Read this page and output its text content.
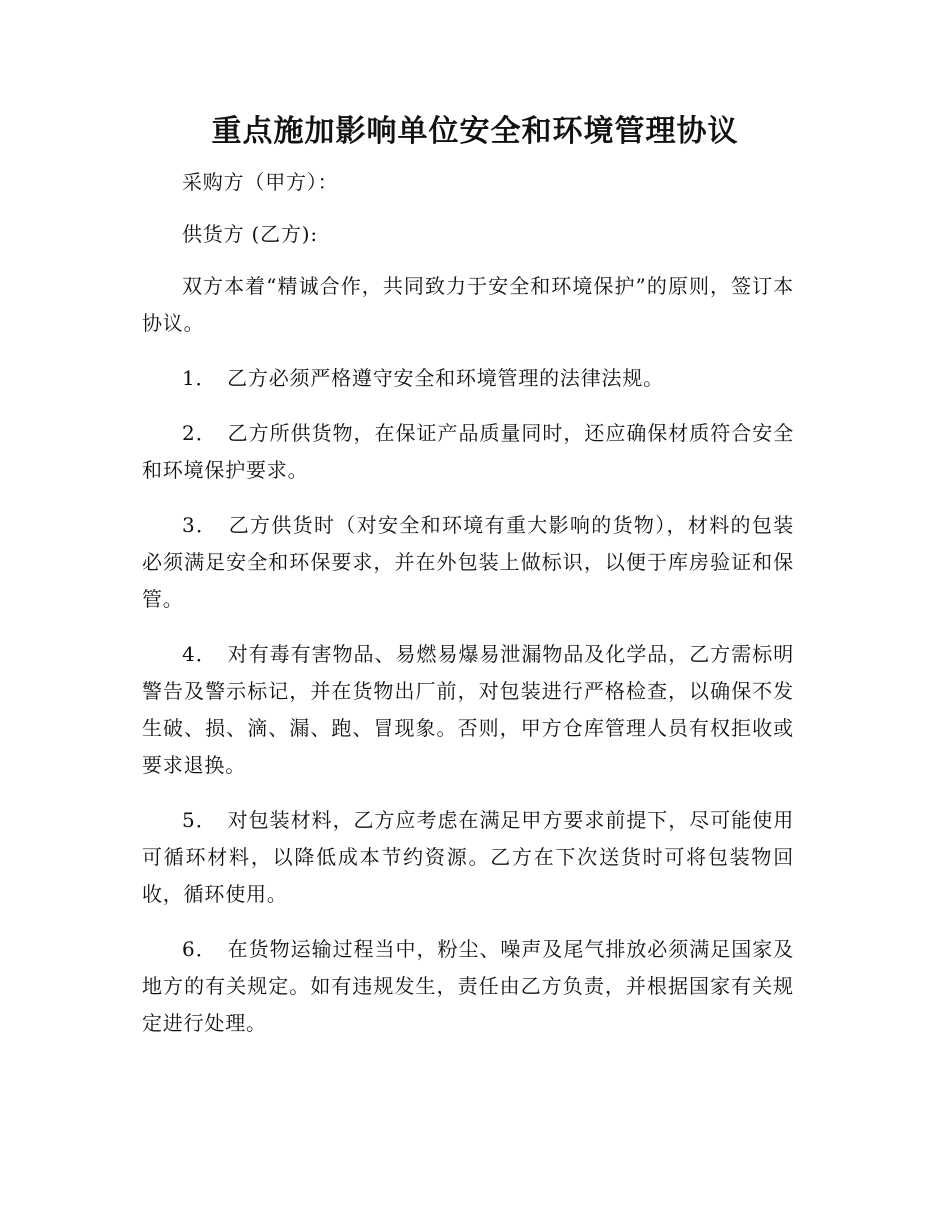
重点施加影响单位安全和环境管理协议

采购方（甲方）：

供货方 (乙方):

双方本着“精诚合作，共同致力于安全和环境保护”的原则，签订本协议。

1．　乙方必须严格遵守安全和环境管理的法律法规。

2．　乙方所供货物，在保证产品质量同时，还应确保材质符合安全和环境保护要求。

3．　乙方供货时（对安全和环境有重大影响的货物），材料的包装必须满足安全和环保要求，并在外包装上做标识，以便于库房验证和保管。

4．　对有毒有害物品、易燃易爆易泄漏物品及化学品，乙方需标明警告及警示标记，并在货物出厂前，对包装进行严格检查，以确保不发生破、损、滴、漏、跑、冒现象。否则，甲方仓库管理人员有权拒收或要求退换。

5．　对包装材料，乙方应考虑在满足甲方要求前提下，尽可能使用可循环材料，以降低成本节约资源。乙方在下次送货时可将包装物回收，循环使用。

6．　在货物运输过程当中，粉尘、噪声及尾气排放必须满足国家及地方的有关规定。如有违规发生，责任由乙方负责，并根据国家有关规定进行处理。
